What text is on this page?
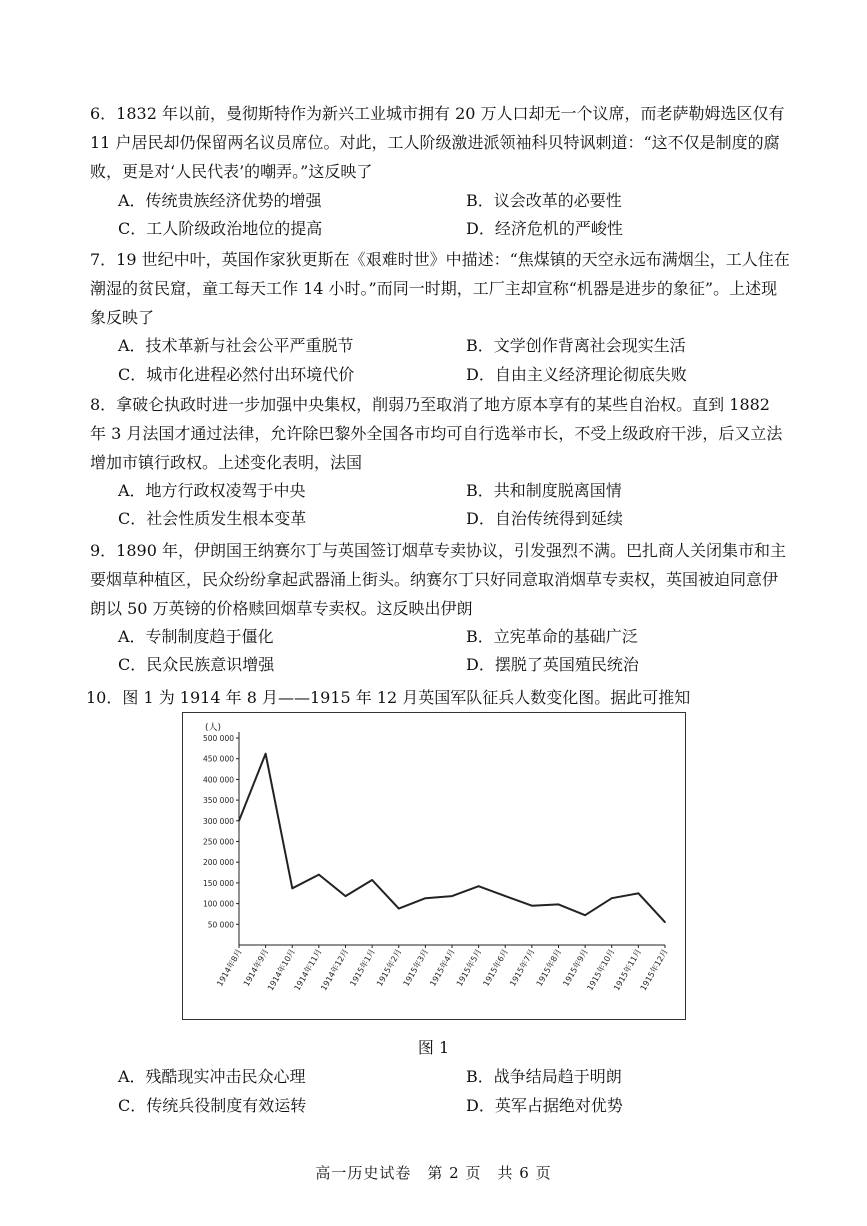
6．1832 年以前，曼彻斯特作为新兴工业城市拥有 20 万人口却无一个议席，而老萨勒姆选区仅有 11 户居民却仍保留两名议员席位。对此，工人阶级激进派领袖科贝特讽刺道：“这不仅是制度的腐败，更是对‘人民代表’的嘲弄。”这反映了

A．传统贵族经济优势的增强	B．议会改革的必要性
C．工人阶级政治地位的提高	D．经济危机的严峻性

7．19 世纪中叶，英国作家狄更斯在《艰难时世》中描述：“焦煤镇的天空永远布满烟尘，工人住在潮湿的贫民窟，童工每天工作 14 小时。”而同一时期，工厂主却宣称“机器是进步的象征”。上述现象反映了

A．技术革新与社会公平严重脱节	B．文学创作背离社会现实生活
C．城市化进程必然付出环境代价	D．自由主义经济理论彻底失败

8．拿破仑执政时进一步加强中央集权，削弱乃至取消了地方原本享有的某些自治权。直到 1882 年 3 月法国才通过法律，允许除巴黎外全国各市均可自行选举市长，不受上级政府干涉，后又立法增加市镇行政权。上述变化表明，法国

A．地方行政权凌驾于中央	B．共和制度脱离国情
C．社会性质发生根本变革	D．自治传统得到延续

9．1890 年，伊朗国王纳赛尔丁与英国签订烟草专卖协议，引发强烈不满。巴扎商人关闭集市和主要烟草种植区，民众纷纷拿起武器涌上街头。纳赛尔丁只好同意取消烟草专卖权，英国被迫同意伊朗以 50 万英镑的价格赎回烟草专卖权。这反映出伊朗

A．专制制度趋于僵化	B．立宪革命的基础广泛
C．民众民族意识增强	D．摆脱了英国殖民统治

10．图 1 为 1914 年 8 月——1915 年 12 月英国军队征兵人数变化图。据此可推知

(人)
500 000
450 000
400 000
350 000
300 000
250 000
200 000
150 000
100 000
50 000
1914年8月
1914年9月
1914年10月
1914年11月
1914年12月
1915年1月
1915年2月
1915年3月
1915年4月
1915年5月
1915年6月
1915年7月
1915年8月
1915年9月
1915年10月
1915年11月
1915年12月
图 1
A．残酷现实冲击民众心理	B．战争结局趋于明朗
C．传统兵役制度有效运转	D．英军占据绝对优势
高一历史试卷　第 2 页　共 6 页
